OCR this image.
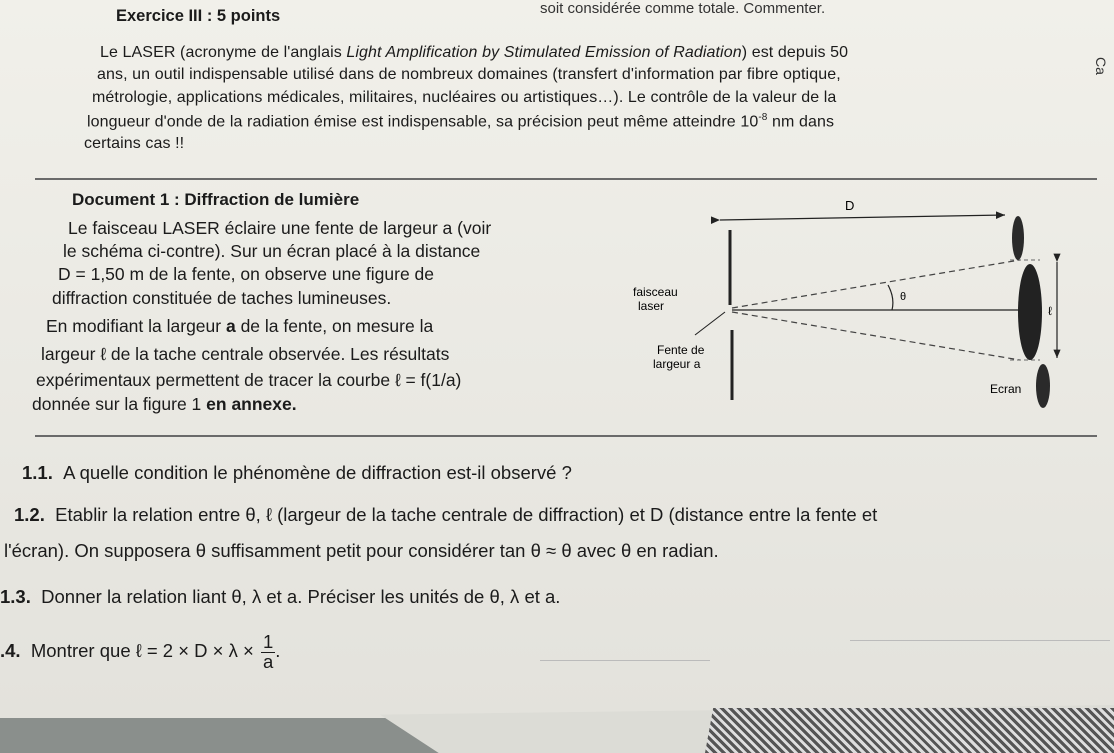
soit considérée comme totale. Commenter.
Exercice III : 5 points
Le LASER (acronyme de l'anglais Light Amplification by Stimulated Emission of Radiation) est depuis 50
ans, un outil indispensable utilisé dans de nombreux domaines (transfert d'information par fibre optique,
métrologie, applications médicales, militaires, nucléaires ou artistiques…). Le contrôle de la valeur de la
longueur d'onde de la radiation émise est indispensable, sa précision peut même atteindre $10^{-8}$ nm dans
certains cas !!
Ca
Document 1 : Diffraction de lumière
Le faisceau LASER éclaire une fente de largeur a (voir
le schéma ci-contre). Sur un écran placé à la distance
D = 1,50 m de la fente, on observe une figure de
diffraction constituée de taches lumineuses.
En modifiant la largeur a de la fente, on mesure la
largeur ℓ de la tache centrale observée. Les résultats
expérimentaux permettent de tracer la courbe ℓ = f(1/a)
donnée sur la figure 1 en annexe.
D
θ
ℓ
faisceau
laser
Fente de
largeur a
Ecran
1.1. A quelle condition le phénomène de diffraction est-il observé ?
1.2. Etablir la relation entre θ, ℓ (largeur de la tache centrale de diffraction) et D (distance entre la fente et
l'écran). On supposera θ suffisamment petit pour considérer tan θ ≈ θ avec θ en radian.
1.3. Donner la relation liant θ, λ et a. Préciser les unités de θ, λ et a.
.4. Montrer que ℓ = $2 \times D \times \lambda \times \frac{1}{a}$ .
